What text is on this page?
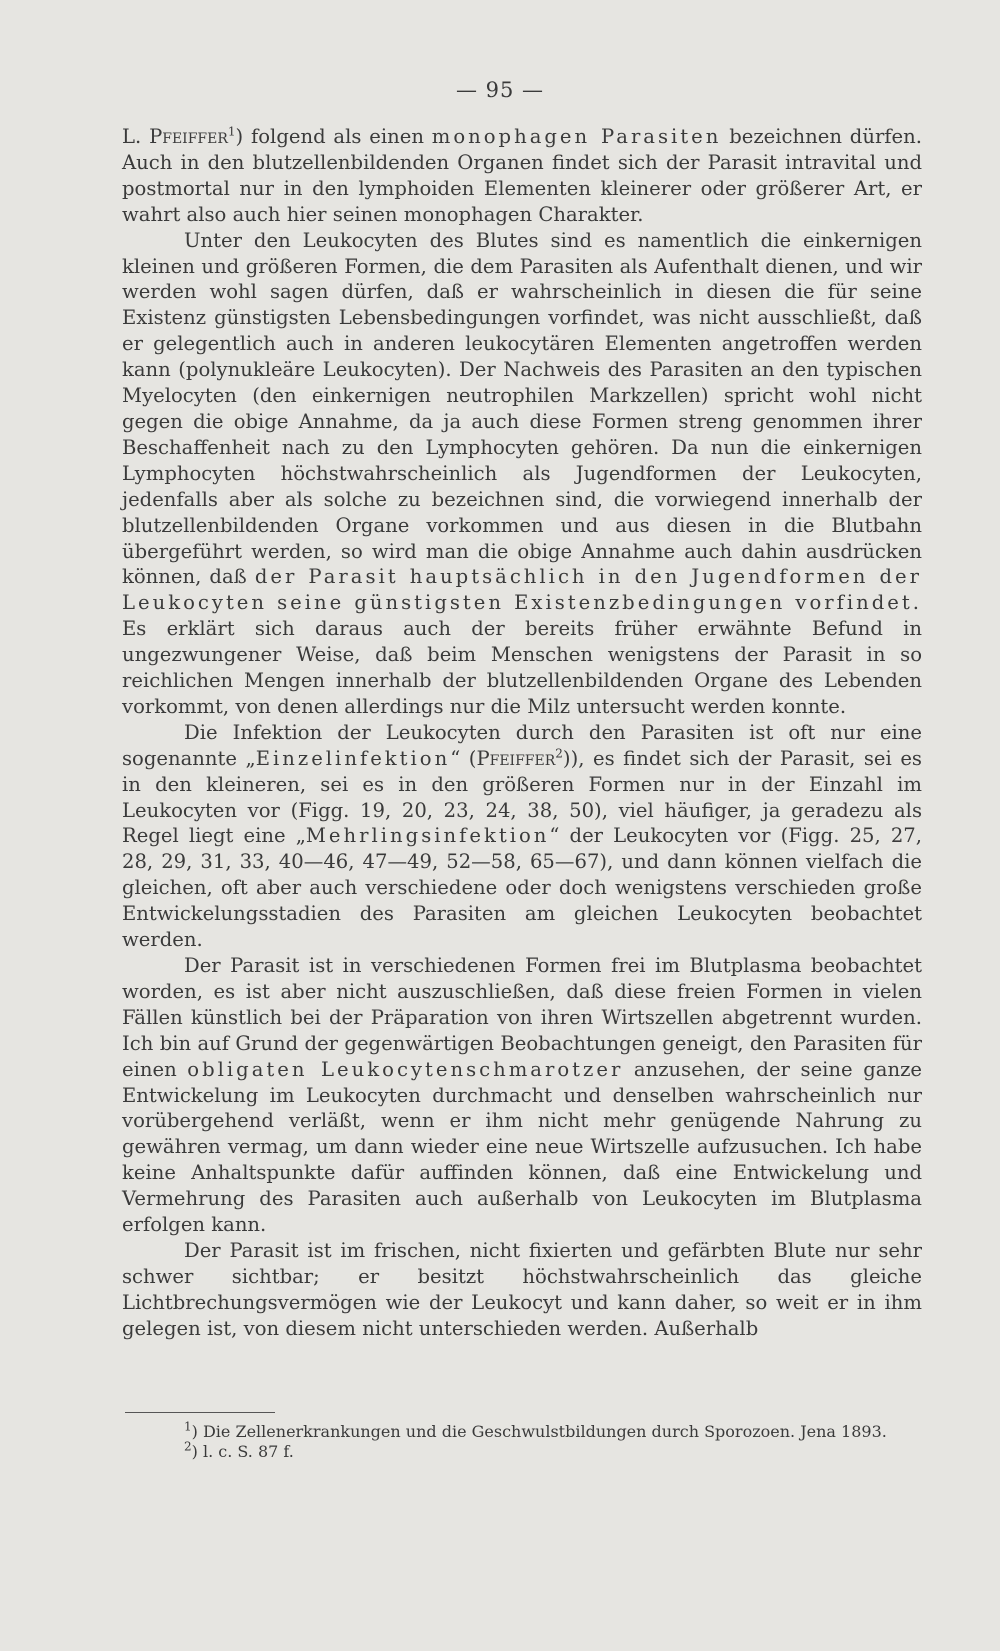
— 95 —

L. Pfeiffer$^1$) folgend als einen monophagen Parasiten bezeichnen dürfen. Auch in den blutzellenbildenden Organen findet sich der Parasit intravital und postmortal nur in den lymphoiden Elementen kleinerer oder größerer Art, er wahrt also auch hier seinen monophagen Charakter.

Unter den Leukocyten des Blutes sind es namentlich die einkernigen kleinen und größeren Formen, die dem Parasiten als Aufenthalt dienen, und wir werden wohl sagen dürfen, daß er wahrscheinlich in diesen die für seine Existenz günstigsten Lebensbedingungen vorfindet, was nicht ausschließt, daß er gelegentlich auch in anderen leukocytären Elementen angetroffen werden kann (polynukleäre Leukocyten). Der Nachweis des Parasiten an den typischen Myelocyten (den einkernigen neutrophilen Markzellen) spricht wohl nicht gegen die obige Annahme, da ja auch diese Formen streng genommen ihrer Beschaffenheit nach zu den Lymphocyten gehören. Da nun die einkernigen Lymphocyten höchstwahrscheinlich als Jugendformen der Leukocyten, jedenfalls aber als solche zu bezeichnen sind, die vorwiegend innerhalb der blutzellenbildenden Organe vorkommen und aus diesen in die Blutbahn übergeführt werden, so wird man die obige Annahme auch dahin ausdrücken können, daß der Parasit hauptsächlich in den Jugendformen der Leukocyten seine günstigsten Existenzbedingungen vorfindet. Es erklärt sich daraus auch der bereits früher erwähnte Befund in ungezwungener Weise, daß beim Menschen wenigstens der Parasit in so reichlichen Mengen innerhalb der blutzellenbildenden Organe des Lebenden vorkommt, von denen allerdings nur die Milz untersucht werden konnte.

Die Infektion der Leukocyten durch den Parasiten ist oft nur eine sogenannte „Einzelinfektion“ (Pfeiffer$^2$)), es findet sich der Parasit, sei es in den kleineren, sei es in den größeren Formen nur in der Einzahl im Leukocyten vor (Figg. 19, 20, 23, 24, 38, 50), viel häufiger, ja geradezu als Regel liegt eine „Mehrlingsinfektion“ der Leukocyten vor (Figg. 25, 27, 28, 29, 31, 33, 40—46, 47—49, 52—58, 65—67), und dann können vielfach die gleichen, oft aber auch verschiedene oder doch wenigstens verschieden große Entwickelungsstadien des Parasiten am gleichen Leukocyten beobachtet werden.

Der Parasit ist in verschiedenen Formen frei im Blutplasma beobachtet worden, es ist aber nicht auszuschließen, daß diese freien Formen in vielen Fällen künstlich bei der Präparation von ihren Wirtszellen abgetrennt wurden. Ich bin auf Grund der gegenwärtigen Beobachtungen geneigt, den Parasiten für einen obligaten Leukocytenschmarotzer anzusehen, der seine ganze Entwickelung im Leukocyten durchmacht und denselben wahrscheinlich nur vorübergehend verläßt, wenn er ihm nicht mehr genügende Nahrung zu gewähren vermag, um dann wieder eine neue Wirtszelle aufzusuchen. Ich habe keine Anhaltspunkte dafür auffinden können, daß eine Entwickelung und Vermehrung des Parasiten auch außerhalb von Leukocyten im Blutplasma erfolgen kann.

Der Parasit ist im frischen, nicht fixierten und gefärbten Blute nur sehr schwer sichtbar; er besitzt höchstwahrscheinlich das gleiche Lichtbrechungsvermögen wie der Leukocyt und kann daher, so weit er in ihm gelegen ist, von diesem nicht unterschieden werden. Außerhalb

$^1$) Die Zellenerkrankungen und die Geschwulstbildungen durch Sporozoen. Jena 1893.

$^2$) l. c. S. 87 f.
